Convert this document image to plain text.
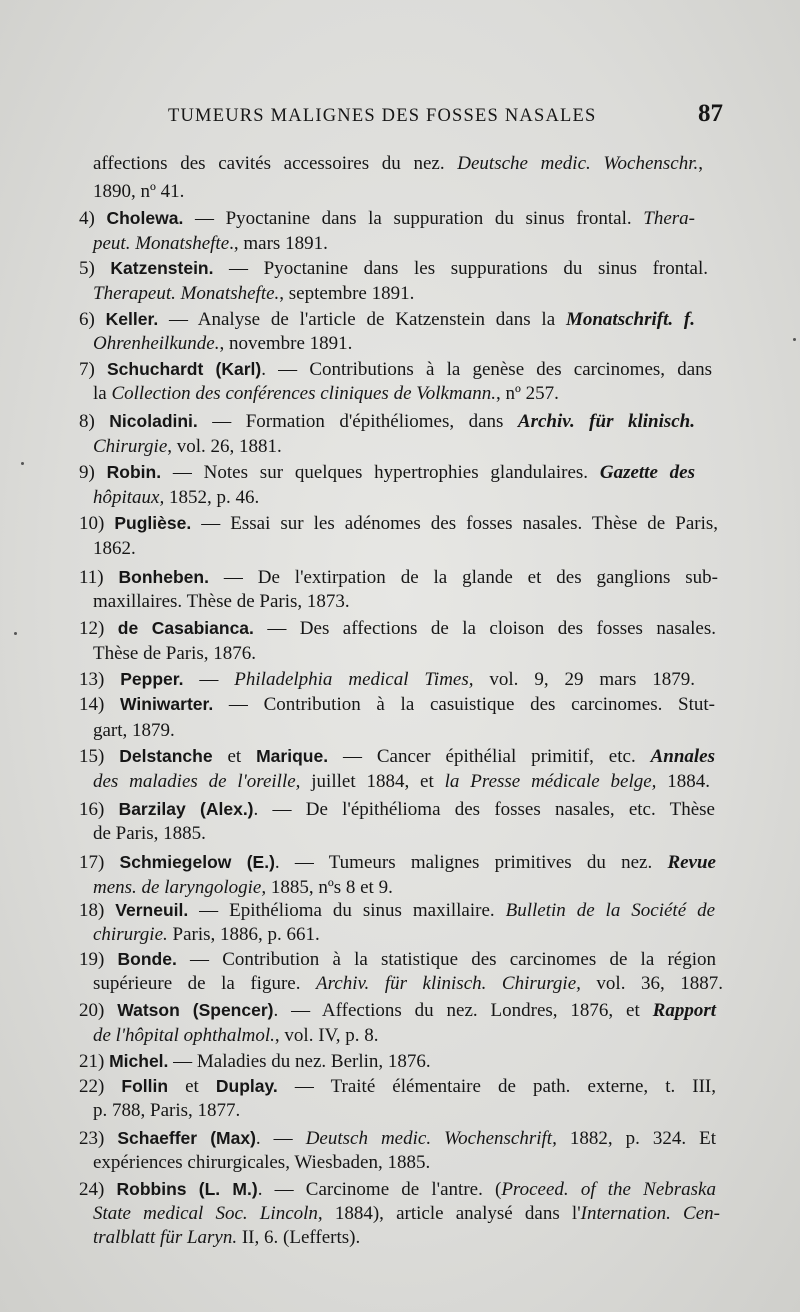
TUMEURS MALIGNES DES FOSSES NASALES	87
affections des cavités accessoires du nez. Deutsche medic. Wochenschr.,
1890, nº 41.
4) Cholewa. — Pyoctanine dans la suppuration du sinus frontal. Thera-
peut. Monatshefte., mars 1891.
5) Katzenstein. — Pyoctanine dans les suppurations du sinus frontal.
Therapeut. Monatshefte., septembre 1891.
6) Keller. — Analyse de l'article de Katzenstein dans la Monatschrift. f.
Ohrenheilkunde., novembre 1891.
7) Schuchardt (Karl). — Contributions à la genèse des carcinomes, dans
la Collection des conférences cliniques de Volkmann., nº 257.
8) Nicoladini. — Formation d'épithéliomes, dans Archiv. für klinisch.
Chirurgie, vol. 26, 1881.
9) Robin. — Notes sur quelques hypertrophies glandulaires. Gazette des
hôpitaux, 1852, p. 46.
10) Puglièse. — Essai sur les adénomes des fosses nasales. Thèse de Paris,
1862.
11) Bonheben. — De l'extirpation de la glande et des ganglions sub-
maxillaires. Thèse de Paris, 1873.
12) de Casabianca. — Des affections de la cloison des fosses nasales.
Thèse de Paris, 1876.
13) Pepper. — Philadelphia medical Times, vol. 9, 29 mars 1879.
14) Winiwarter. — Contribution à la casuistique des carcinomes. Stut-
gart, 1879.
15) Delstanche et Marique. — Cancer épithélial primitif, etc. Annales
des maladies de l'oreille, juillet 1884, et la Presse médicale belge, 1884.
16) Barzilay (Alex.). — De l'épithélioma des fosses nasales, etc. Thèse
de Paris, 1885.
17) Schmiegelow (E.). — Tumeurs malignes primitives du nez. Revue
mens. de laryngologie, 1885, nºs 8 et 9.
18) Verneuil. — Epithélioma du sinus maxillaire. Bulletin de la Société de
chirurgie. Paris, 1886, p. 661.
19) Bonde. — Contribution à la statistique des carcinomes de la région
supérieure de la figure. Archiv. für klinisch. Chirurgie, vol. 36, 1887.
20) Watson (Spencer). — Affections du nez. Londres, 1876, et Rapport
de l'hôpital ophthalmol., vol. IV, p. 8.
21) Michel. — Maladies du nez. Berlin, 1876.
22) Follin et Duplay. — Traité élémentaire de path. externe, t. III,
p. 788, Paris, 1877.
23) Schaeffer (Max). — Deutsch medic. Wochenschrift, 1882, p. 324. Et
expériences chirurgicales, Wiesbaden, 1885.
24) Robbins (L. M.). — Carcinome de l'antre. (Proceed. of the Nebraska
State medical Soc. Lincoln, 1884), article analysé dans l'Internation. Cen-
tralblatt für Laryn. II, 6. (Lefferts).
